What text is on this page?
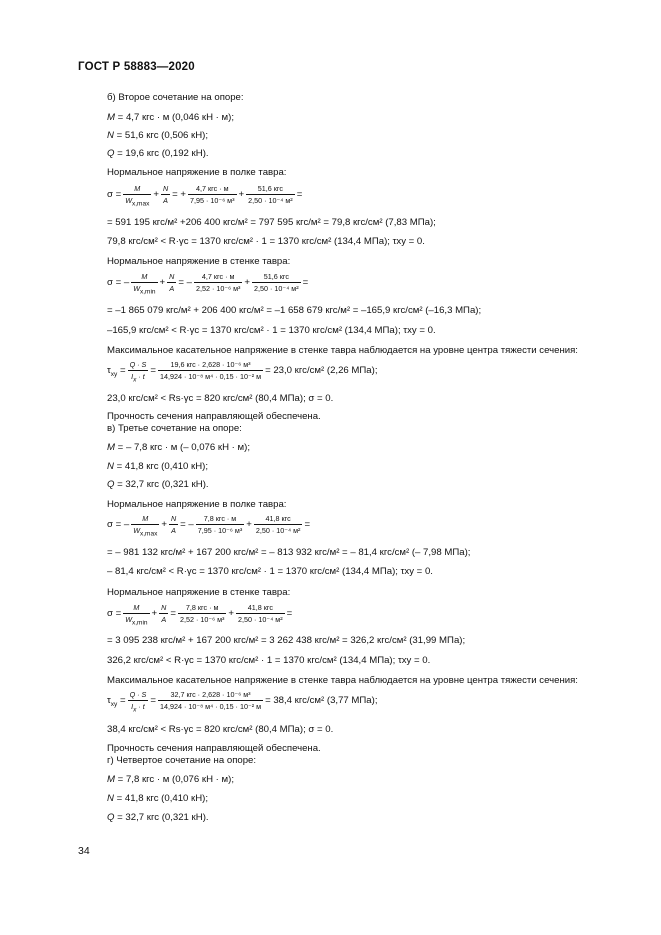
ГОСТ Р 58883—2020
б) Второе сочетание на опоре:
M = 4,7 кгс · м (0,046 кН · м);
N = 51,6 кгс (0,506 кН);
Q = 19,6 кгс (0,192 кН).
Нормальное напряжение в полке тавра:
$\sigma = \frac{M}{W_{x,max}} + \frac{N}{A}$ = + $\frac{\text{4,7 кгс · м}}{\text{7,95 · 10⁻⁶ м³}} + \frac{\text{51,6 кгс}}{\text{2,50 · 10⁻⁴ м²}}$ =
= 591 195 кгс/м² +206 400 кгс/м² = 797 595 кгс/м² = 79,8 кгс/см² (7,83 МПа);
79,8 кгс/см² < R·γc = 1370 кгс/см² · 1 = 1370 кгс/см² (134,4 МПа); τxy = 0.
Нормальное напряжение в стенке тавра:
σ = – $\frac{M}{W_{x,min}} + \frac{N}{A}$ = – $\frac{\text{4,7 кгс · м}}{\text{2,52 · 10⁻⁶ м³}} + \frac{\text{51,6 кгс}}{\text{2,50 · 10⁻⁴ м²}}$ =
= –1 865 079 кгс/м² + 206 400 кгс/м² = –1 658 679 кгс/м² = –165,9 кгс/см² (–16,3 МПа);
–165,9 кгс/см² < R·γc = 1370 кгс/см² · 1 = 1370 кгс/см² (134,4 МПа); τxy = 0.
Максимальное касательное напряжение в стенке тавра наблюдается на уровне центра тяжести сечения:
$\tau_{xy} = \frac{Q \cdot S}{I_x \cdot t} = \frac{\text{19,6 кгс · 2,628 · 10⁻⁶ м³}}{\text{14,924 · 10⁻⁸ м⁴ · 0,15 · 10⁻² м}} = 23,0$ кгс/см² (2,26 МПа);
23,0 кгс/см² < Rs·γc = 820 кгс/см² (80,4 МПа); σ = 0.
Прочность сечения направляющей обеспечена.
в) Третье сочетание на опоре:
M = – 7,8 кгс · м (– 0,076 кН · м);
N = 41,8 кгс (0,410 кН);
Q = 32,7 кгс (0,321 кН).
Нормальное напряжение в полке тавра:
σ = – $\frac{M}{W_{x,max}} + \frac{N}{A}$ = – $\frac{\text{7,8 кгс · м}}{\text{7,95 · 10⁻⁶ м³}} + \frac{\text{41,8 кгс}}{\text{2,50 · 10⁻⁴ м²}}$ =
= – 981 132 кгс/м² + 167 200 кгс/м² = – 813 932 кгс/м² = – 81,4 кгс/см² (– 7,98 МПа);
– 81,4 кгс/см² < R·γc = 1370 кгс/см² · 1 = 1370 кгс/см² (134,4 МПа); τxy = 0.
Нормальное напряжение в стенке тавра:
$\sigma = \frac{M}{W_{x,min}} + \frac{N}{A} = \frac{\text{7,8 кгс · м}}{\text{2,52 · 10⁻⁶ м³}} + \frac{\text{41,8 кгс}}{\text{2,50 · 10⁻⁴ м²}}$ =
= 3 095 238 кгс/м² + 167 200 кгс/м² = 3 262 438 кгс/м² = 326,2 кгс/см² (31,99 МПа);
326,2 кгс/см² < R·γc = 1370 кгс/см² · 1 = 1370 кгс/см² (134,4 МПа); τxy = 0.
Максимальное касательное напряжение в стенке тавра наблюдается на уровне центра тяжести сечения:
$\tau_{xy} = \frac{Q \cdot S}{I_x \cdot t} = \frac{\text{32,7 кгс · 2,628 · 10⁻⁶ м³}}{\text{14,924 · 10⁻⁸ м⁴ · 0,15 · 10⁻² м}} = 38,4$ кгс/см² (3,77 МПа);
38,4 кгс/см² < Rs·γc = 820 кгс/см² (80,4 МПа); σ = 0.
Прочность сечения направляющей обеспечена.
г) Четвертое сочетание на опоре:
M = 7,8 кгс · м (0,076 кН · м);
N = 41,8 кгс (0,410 кН);
Q = 32,7 кгс (0,321 кН).
34
